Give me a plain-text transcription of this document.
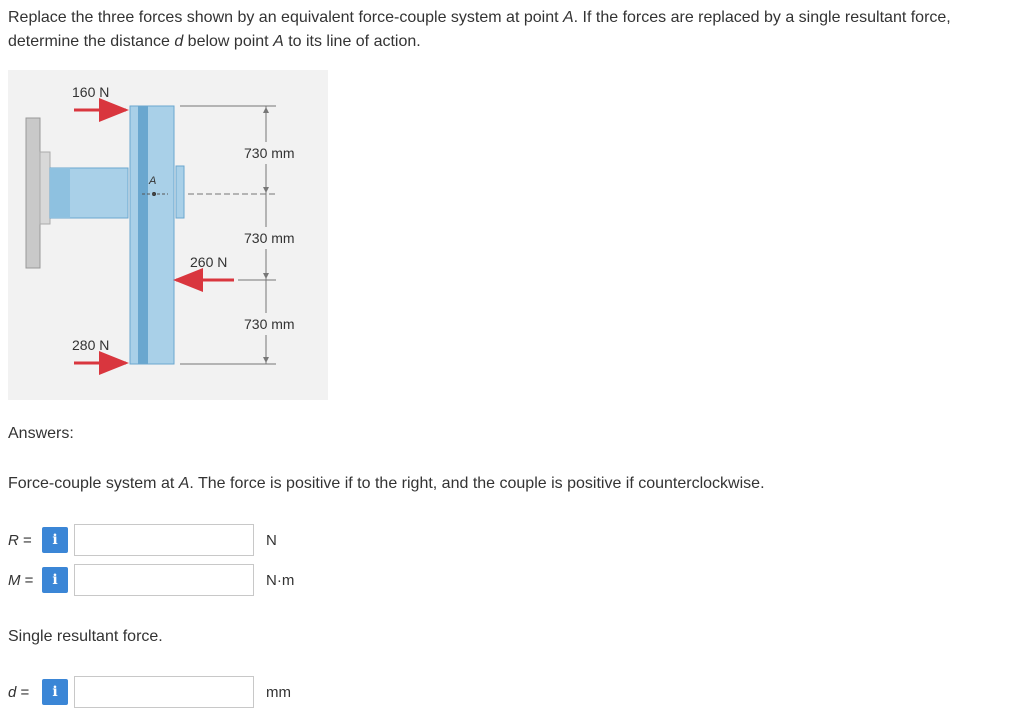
Replace the three forces shown by an equivalent force-couple system at point A. If the forces are replaced by a single resultant force, determine the distance d below point A to its line of action.
A
160 N
260 N
280 N
730 mm
730 mm
730 mm
Answers:
Force-couple system at A. The force is positive if to the right, and the couple is positive if counterclockwise.
R =	i	N
M =	i	N·m
Single resultant force.
d =	i	mm
